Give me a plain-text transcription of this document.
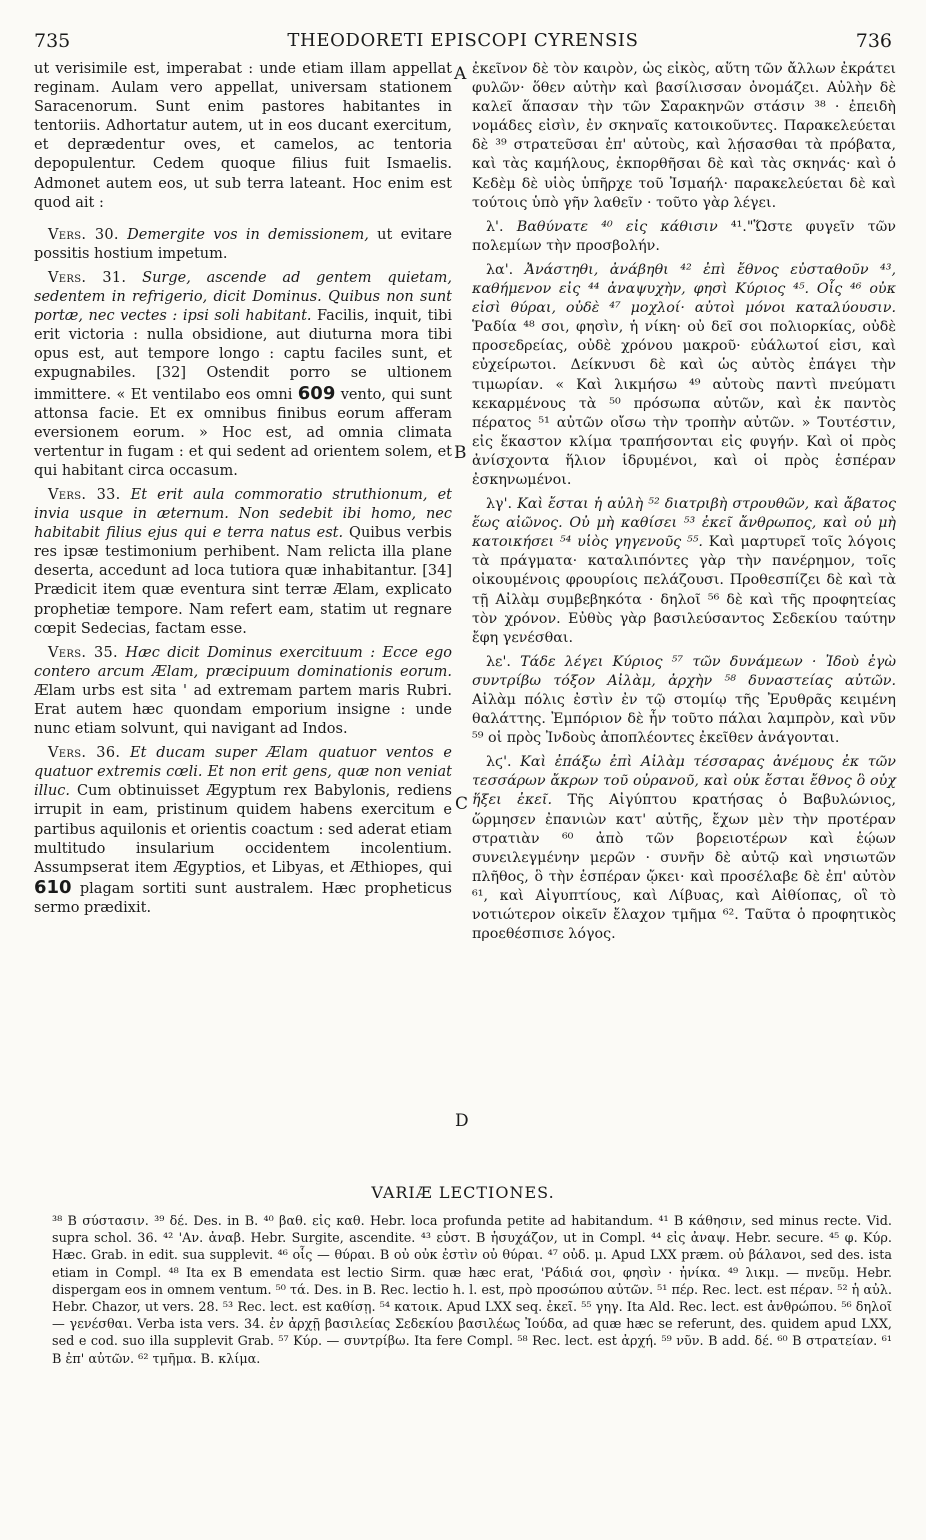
735	THEODORETI EPISCOPI CYRENSIS	736

ut verisimile est, imperabat : unde etiam illam appellat reginam. Aulam vero appellat, universam stationem Saracenorum. Sunt enim pastores habitantes in tentoriis. Adhortatur autem, ut in eos ducant exercitum, et deprædentur oves, et camelos, ac tentoria depopulentur. Cedem quoque filius fuit Ismaelis. Admonet autem eos, ut sub terra lateant. Hoc enim est quod ait :

Vers. 30. Demergite vos in demissionem, ut evitare possitis hostium impetum.

Vers. 31. Surge, ascende ad gentem quietam, sedentem in refrigerio, dicit Dominus. Quibus non sunt portæ, nec vectes : ipsi soli habitant. Facilis, inquit, tibi erit victoria : nulla obsidione, aut diuturna mora tibi opus est, aut tempore longo : captu faciles sunt, et expugnabiles. [32] Ostendit porro se ultionem immittere. « Et ventilabo eos omni 609 vento, qui sunt attonsa facie. Et ex omnibus finibus eorum afferam eversionem eorum. » Hoc est, ad omnia climata vertentur in fugam : et qui sedent ad orientem solem, et qui habitant circa occasum.

Vers. 33. Et erit aula commoratio struthionum, et invia usque in æternum. Non sedebit ibi homo, nec habitabit filius ejus qui e terra natus est. Quibus verbis res ipsæ testimonium perhibent. Nam relicta illa plane deserta, accedunt ad loca tutiora quæ inhabitantur. [34] Prædicit item quæ eventura sint terræ Ælam, explicato prophetiæ tempore. Nam refert eam, statim ut regnare cœpit Sedecias, factam esse.

Vers. 35. Hæc dicit Dominus exercituum : Ecce ego contero arcum Ælam, præcipuum dominationis eorum. Ælam urbs est sita ' ad extremam partem maris Rubri. Erat autem hæc quondam emporium insigne : unde nunc etiam solvunt, qui navigant ad Indos.

Vers. 36. Et ducam super Ælam quatuor ventos e quatuor extremis cœli. Et non erit gens, quæ non veniat illuc. Cum obtinuisset Ægyptum rex Babylonis, rediens irrupit in eam, pristinum quidem habens exercitum e partibus aquilonis et orientis coactum : sed aderat etiam multitudo insularium occidentem incolentium. Assumpserat item Ægyptios, et Libyas, et Æthiopes, qui 610 plagam sortiti sunt australem. Hæc propheticus sermo prædixit.

A
B
C
D

ἐκεῖνον δὲ τὸν καιρὸν, ὡς εἰκὸς, αὕτη τῶν ἄλλων ἐκράτει φυλῶν· ὅθεν αὐτὴν καὶ βασίλισσαν ὀνομάζει. Αὐλὴν δὲ καλεῖ ἅπασαν τὴν τῶν Σαρακηνῶν στάσιν ³⁸ · ἐπειδὴ νομάδες εἰσὶν, ἐν σκηναῖς κατοικοῦντες. Παρακελεύεται δὲ ³⁹ στρατεῦσαι ἐπ' αὐτοὺς, καὶ λῄσασθαι τὰ πρόβατα, καὶ τὰς καμήλους, ἐκπορθῆσαι δὲ καὶ τὰς σκηνάς· καὶ ὁ Κεδὲμ δὲ υἱὸς ὑπῆρχε τοῦ Ἰσμαήλ· παρακελεύεται δὲ καὶ τούτοις ὑπὸ γῆν λαθεῖν · τοῦτο γὰρ λέγει.

λ'. Βαθύνατε ⁴⁰ εἰς κάθισιν ⁴¹."Ὥστε φυγεῖν τῶν πολεμίων τὴν προσβολήν.

λα'. Ἀνάστηθι, ἀνάβηθι ⁴² ἐπὶ ἔθνος εὐσταθοῦν ⁴³, καθήμενον εἰς ⁴⁴ ἀναψυχὴν, φησὶ Κύριος ⁴⁵. Οἷς ⁴⁶ οὐκ εἰσὶ θύραι, οὐδὲ ⁴⁷ μοχλοί· αὐτοὶ μόνοι καταλύουσιν. Ῥαδία ⁴⁸ σοι, φησὶν, ἡ νίκη· οὐ δεῖ σοι πολιορκίας, οὐδὲ προσεδρείας, οὐδὲ χρόνου μακροῦ· εὐάλωτοί εἰσι, καὶ εὐχείρωτοι. Δείκνυσι δὲ καὶ ὡς αὐτὸς ἐπάγει τὴν τιμωρίαν. « Καὶ λικμήσω ⁴⁹ αὐτοὺς παντὶ πνεύματι κεκαρμένους τὰ ⁵⁰ πρόσωπα αὐτῶν, καὶ ἐκ παντὸς πέρατος ⁵¹ αὐτῶν οἴσω τὴν τροπὴν αὐτῶν. » Τουτέστιν, εἰς ἕκαστον κλίμα τραπήσονται εἰς φυγήν. Καὶ οἱ πρὸς ἀνίσχοντα ἥλιον ἱδρυμένοι, καὶ οἱ πρὸς ἑσπέραν ἐσκηνωμένοι.

λγ'. Καὶ ἔσται ἡ αὐλὴ ⁵² διατριβὴ στρουθῶν, καὶ ἄβατος ἕως αἰῶνος. Οὐ μὴ καθίσει ⁵³ ἐκεῖ ἄνθρωπος, καὶ οὐ μὴ κατοικήσει ⁵⁴ υἱὸς γηγενοῦς ⁵⁵. Καὶ μαρτυρεῖ τοῖς λόγοις τὰ πράγματα· καταλιπόντες γὰρ τὴν πανέρημον, τοῖς οἰκουμένοις φρουρίοις πελάζουσι. Προθεσπίζει δὲ καὶ τὰ τῇ Αἰλὰμ συμβεβηκότα · δηλοῖ ⁵⁶ δὲ καὶ τῆς προφητείας τὸν χρόνον. Εὐθὺς γὰρ βασιλεύσαντος Σεδεκίου ταύτην ἔφη γενέσθαι.

λε'. Τάδε λέγει Κύριος ⁵⁷ τῶν δυνάμεων · Ἰδοὺ ἐγὼ συντρίβω τόξον Αἰλὰμ, ἀρχὴν ⁵⁸ δυναστείας αὐτῶν. Αἰλὰμ πόλις ἐστὶν ἐν τῷ στομίῳ τῆς Ἐρυθρᾶς κειμένη θαλάττης. Ἐμπόριον δὲ ἦν τοῦτο πάλαι λαμπρὸν, καὶ νῦν ⁵⁹ οἱ πρὸς Ἰνδοὺς ἀποπλέοντες ἐκεῖθεν ἀνάγονται.

λϛ'. Καὶ ἐπάξω ἐπὶ Αἰλὰμ τέσσαρας ἀνέμους ἐκ τῶν τεσσάρων ἄκρων τοῦ οὐρανοῦ, καὶ οὐκ ἔσται ἔθνος ὃ οὐχ ἥξει ἐκεῖ. Τῆς Αἰγύπτου κρατήσας ὁ Βαβυλώνιος, ὥρμησεν ἐπανιὼν κατ' αὐτῆς, ἔχων μὲν τὴν προτέραν στρατιὰν ⁶⁰ ἀπὸ τῶν βορειοτέρων καὶ ἑῴων συνειλεγμένην μερῶν · συνῆν δὲ αὐτῷ καὶ νησιωτῶν πλῆθος, ὃ τὴν ἑσπέραν ᾤκει· καὶ προσέλαβε δὲ ἐπ' αὐτὸν ⁶¹, καὶ Αἰγυπτίους, καὶ Λίβυας, καὶ Αἰθίοπας, οἳ τὸ νοτιώτερον οἰκεῖν ἔλαχον τμῆμα ⁶². Ταῦτα ὁ προφητικὸς προεθέσπισε λόγος.

VARIÆ LECTIONES.

³⁸ B σύστασιν. ³⁹ δέ. Des. in B. ⁴⁰ βαθ. εἰς καθ. Hebr. loca profunda petite ad habitandum. ⁴¹ B κάθησιν, sed minus recte. Vid. supra schol. 36. ⁴² 'Αν. ἀναβ. Hebr. Surgite, ascendite. ⁴³ εὐστ. B ἡσυχάζον, ut in Compl. ⁴⁴ εἰς ἀναψ. Hebr. secure. ⁴⁵ φ. Κύρ. Hæc. Grab. in edit. sua supplevit. ⁴⁶ οἷς — θύραι. B οὐ οὐκ ἐστὶν οὐ θύραι. ⁴⁷ οὐδ. μ. Apud LXX præm. οὐ βάλανοι, sed des. ista etiam in Compl. ⁴⁸ Ita ex B emendata est lectio Sirm. quæ hæc erat, 'Ράδιά σοι, φησὶν · ἠνίκα. ⁴⁹ λικμ. — πνεῦμ. Hebr. dispergam eos in omnem ventum. ⁵⁰ τά. Des. in B. Rec. lectio h. l. est, πρὸ προσώπου αὐτῶν. ⁵¹ πέρ. Rec. lect. est πέραν. ⁵² ἡ αὐλ. Hebr. Chazor, ut vers. 28. ⁵³ Rec. lect. est καθίσῃ. ⁵⁴ κατοικ. Apud LXX seq. ἐκεῖ. ⁵⁵ γηγ. Ita Ald. Rec. lect. est ἀνθρώπου. ⁵⁶ δηλοῖ — γενέσθαι. Verba ista vers. 34. ἐν ἀρχῇ βασιλείας Σεδεκίου βασιλέως Ἰούδα, ad quæ hæc se referunt, des. quidem apud LXX, sed e cod. suo illa supplevit Grab. ⁵⁷ Κύρ. — συντρίβω. Ita fere Compl. ⁵⁸ Rec. lect. est ἀρχή. ⁵⁹ νῦν. B add. δέ. ⁶⁰ B στρατείαν. ⁶¹ B ἐπ' αὐτῶν. ⁶² τμῆμα. B. κλίμα.
